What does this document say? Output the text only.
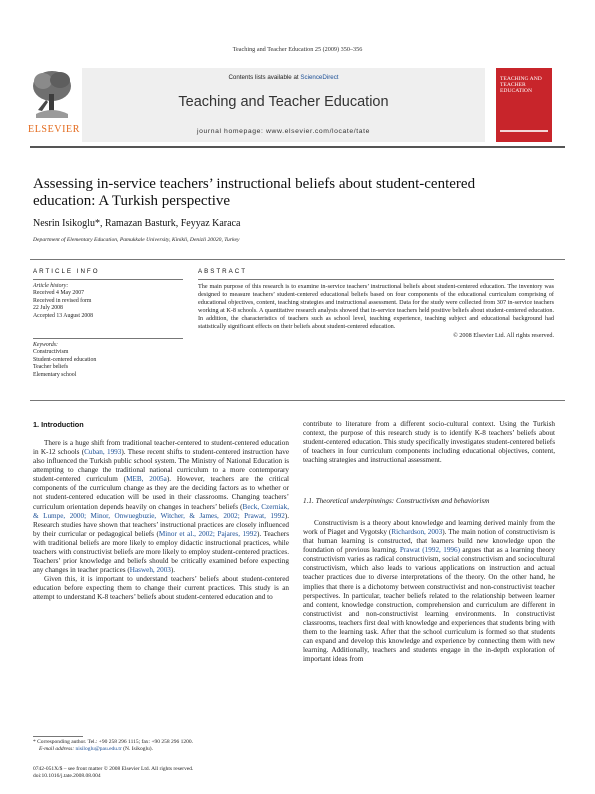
Teaching and Teacher Education 25 (2009) 350–356
ELSEVIER
Contents lists available at ScienceDirect
Teaching and Teacher Education
journal homepage: www.elsevier.com/locate/tate
TEACHING AND TEACHER EDUCATION
Assessing in-service teachers’ instructional beliefs about student-centered education: A Turkish perspective
Nesrin Isikoglu*, Ramazan Basturk, Feyyaz Karaca
Department of Elementary Education, Pamukkale University, Kinikli, Denizli 20020, Turkey
ARTICLE INFO	ABSTRACT
Article history:
Received 4 May 2007
Received in revised form
22 July 2008
Accepted 13 August 2008
Keywords:
Constructivism
Student-centered education
Teacher beliefs
Elementary school
The main purpose of this research is to examine in-service teachers’ instructional beliefs about student-centered education. The inventory was designed to measure teachers’ student-centered educational beliefs based on four components of the educational curriculum comprising of educational objectives, content, teaching strategies and instructional assessment. Data for the study were collected from 307 in-service teachers working at K-8 schools. A quantitative research analysis showed that in-service teachers held positive beliefs about student-centered education. In addition, the characteristics of teachers such as school level, teaching experience, teaching subject and educational background had statistically significant effects on their beliefs about student-centered education.
© 2008 Elsevier Ltd. All rights reserved.
1. Introduction

There is a huge shift from traditional teacher-centered to student-centered education in K-12 schools (Cuban, 1993). These recent shifts to student-centered instruction have also influenced the Turkish public school system. The Ministry of National Education is attempting to change the traditional national curriculum to a more contemporary student-centered curriculum (MEB, 2005a). However, teachers are the critical components of the curriculum change as they are the deciding factors as to whether or not student-centered education will be used in their classrooms. Changing teachers’ curriculum orientation depends heavily on changes in teachers’ beliefs (Beck, Czerniak, & Lumpe, 2000; Minor, Onwuegbuzie, Witcher, & James, 2002; Prawat, 1992). Research studies have shown that teachers’ instructional practices are closely influenced by their curricular or pedagogical beliefs (Minor et al., 2002; Pajares, 1992). Teachers with traditional beliefs are more likely to employ didactic instructional practices, while teachers with constructivist beliefs are more likely to employ student-centered practices. Teachers’ prior knowledge and beliefs should be critically examined before expecting any changes in teacher practices (Hasweh, 2003).

Given this, it is important to understand teachers’ beliefs about student-centered education before expecting them to change their current practices. This study is an attempt to understand K-8 teachers’ beliefs about student-centered education and to

* Corresponding author. Tel.: +90 258 296 1115; fax: +90 258 296 1200.
E-mail address: nisiloglu@pau.edu.tr (N. Isikoglu).
0742-051X/$ – see front matter © 2008 Elsevier Ltd. All rights reserved.
doi:10.1016/j.tate.2008.08.004

contribute to literature from a different socio-cultural context. Using the Turkish context, the purpose of this research study is to identify K-8 teachers’ beliefs about student-centered education. This study specifically investigates student-centered beliefs of teachers in four curriculum components including educational objectives, content, teaching strategies and instructional assessment.

1.1. Theoretical underpinnings: Constructivism and behaviorism

Constructivism is a theory about knowledge and learning derived mainly from the work of Piaget and Vygotsky (Richardson, 2003). The main notion of constructivism is that human learning is constructed, that learners build new knowledge upon the foundation of previous learning. Prawat (1992, 1996) argues that as a learning theory constructivism varies as radical constructivism, social constructivism and sociocultural constructivism, which also leads to various applications on instruction and actual teacher practices due to diverse interpretations of the theory. On the other hand, he implies that there is a dichotomy between constructivist and non-constructivist teacher perspectives. In particular, teacher beliefs related to the relationship between learner and content, knowledge construction, comprehension and curriculum are different in constructivist and non-constructivist learning environments. In constructivist classrooms, teachers first deal with knowledge and experiences that students bring with them to the learning task. After that the school curriculum is formed so that students can expand and develop this knowledge and experience by connecting them with new learning. Additionally, teachers and students engage in the in-depth exploration of important ideas from
